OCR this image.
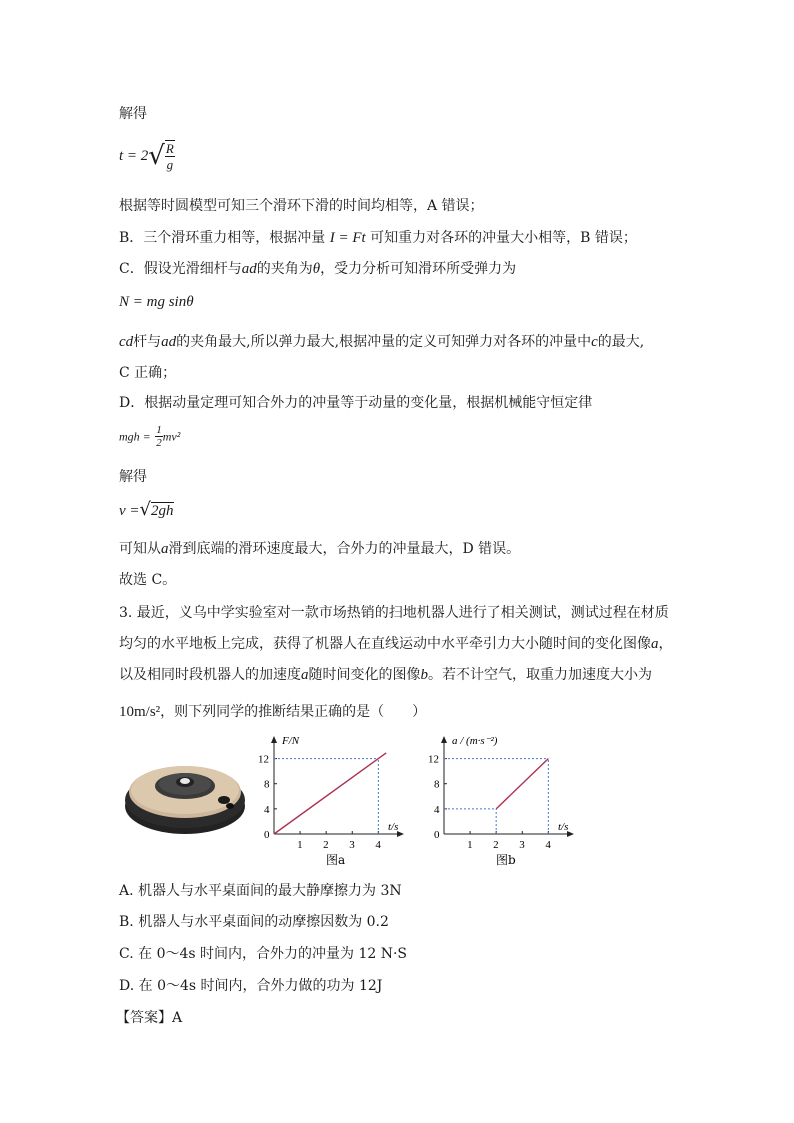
解得
$t = 2√ \frac{R}{g}$
根据等时圆模型可知三个滑环下滑的时间均相等，A 错误；
B．三个滑环重力相等，根据冲量 I = Ft 可知重力对各环的冲量大小相等，B 错误；
C．假设光滑细杆与ad的夹角为θ，受力分析可知滑环所受弹力为
N = mg sinθ
cd杆与ad的夹角最大,所以弹力最大,根据冲量的定义可知弹力对各环的冲量中c的最大,
C 正确；
D．根据动量定理可知合外力的冲量等于动量的变化量，根据机械能守恒定律
mgh = $\frac{1}{2} mv^2$
解得
v =√2gh
可知从a滑到底端的滑环速度最大，合外力的冲量最大，D 错误。
故选 C。
3. 最近，义乌中学实验室对一款市场热销的扫地机器人进行了相关测试，测试过程在材质
均匀的水平地板上完成，获得了机器人在直线运动中水平牵引力大小随时间的变化图像a，
以及相同时段机器人的加速度a随时间变化的图像b。若不计空气，取重力加速度大小为
10m/s²，则下列同学的推断结果正确的是（　　）
0
F/N
t/s
1 2 3 4
4
8
12
图a
0
a / (m·s⁻²)
t/s
1 2 3 4
4
8
12
图b
A. 机器人与水平桌面间的最大静摩擦力为 3N
B. 机器人与水平桌面间的动摩擦因数为 0.2
C. 在 0～4s 时间内，合外力的冲量为 12 N·S
D. 在 0～4s 时间内，合外力做的功为 12J
【答案】A
